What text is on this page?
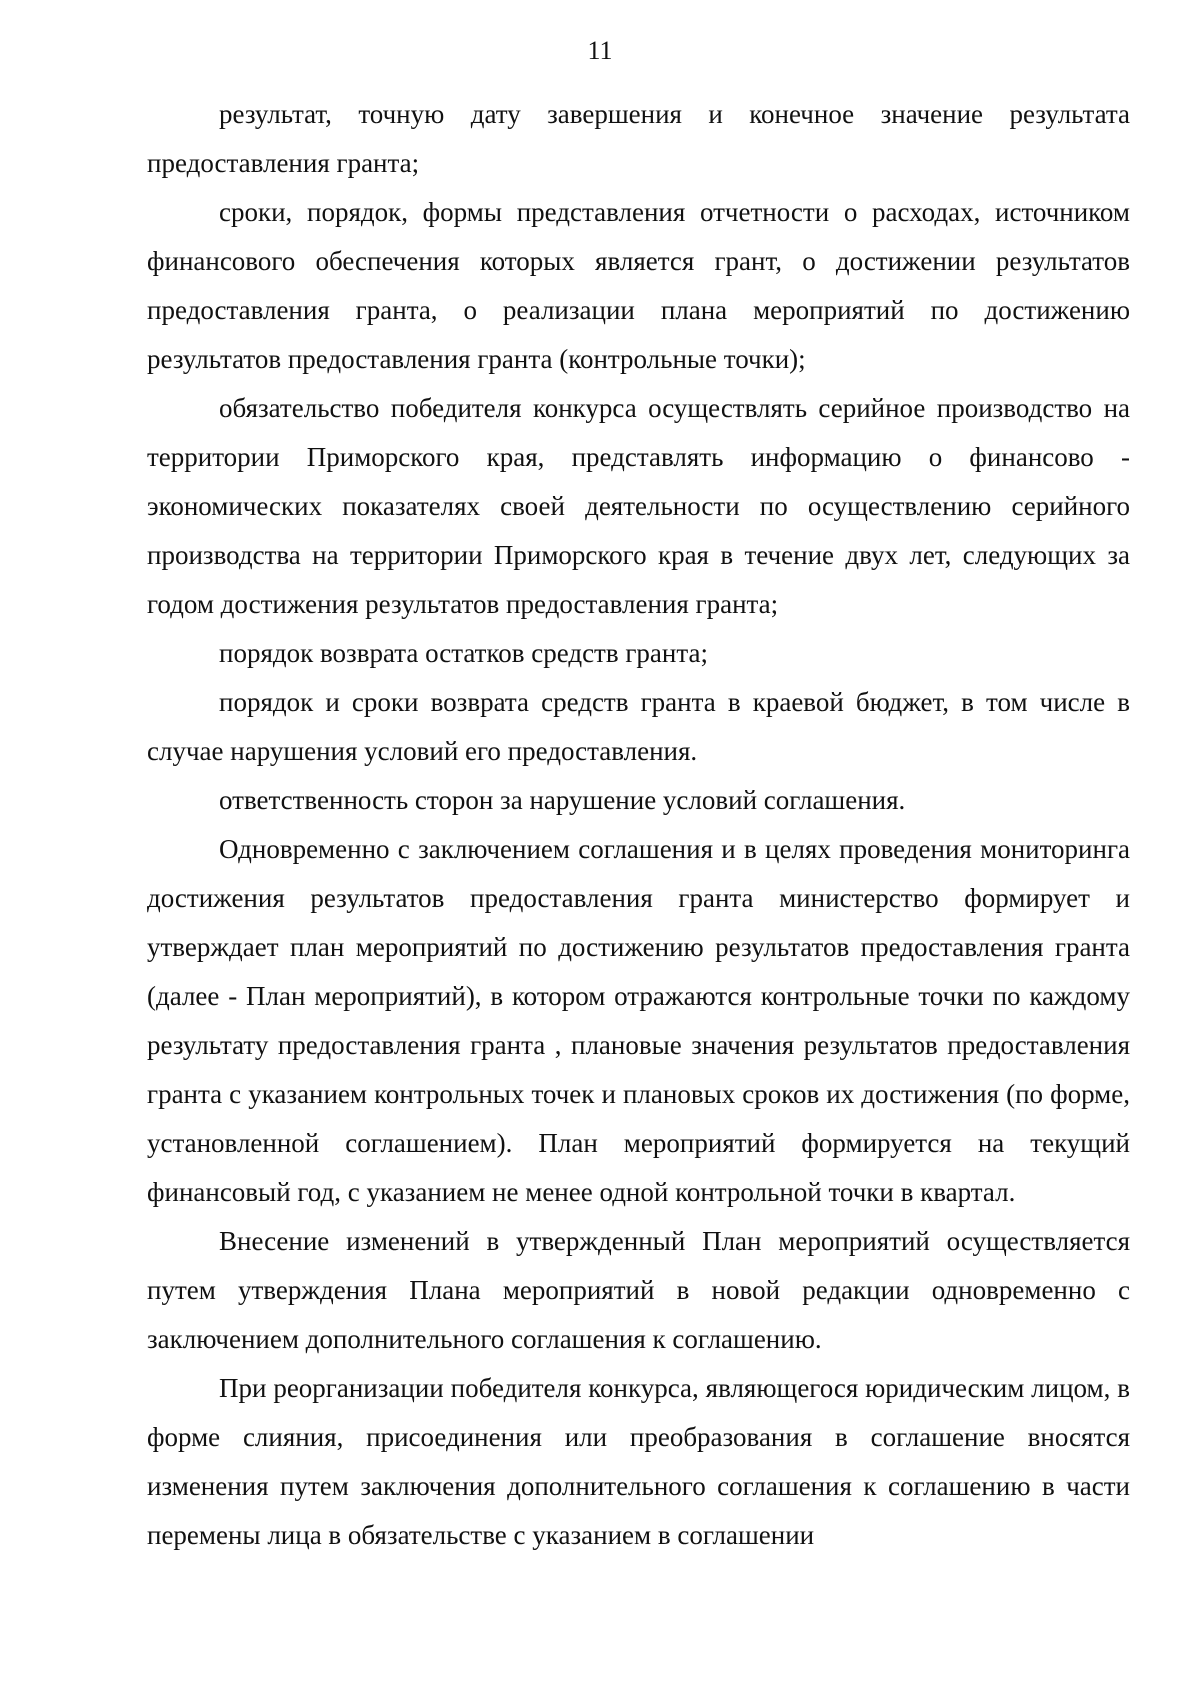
11

результат, точную дату завершения и конечное значение результата предоставления гранта;

сроки, порядок, формы представления отчетности о расходах, источником финансового обеспечения которых является грант, о достижении результатов предоставления гранта, о реализации плана мероприятий по достижению результатов предоставления гранта (контрольные точки);

обязательство победителя конкурса осуществлять серийное производство на территории Приморского края, представлять информацию о финансово - экономических показателях своей деятельности по осуществлению серийного производства на территории Приморского края в течение двух лет, следующих за годом достижения результатов предоставления гранта;

порядок возврата остатков средств гранта;

порядок и сроки возврата средств гранта в краевой бюджет, в том числе в случае нарушения условий его предоставления.

ответственность сторон за нарушение условий соглашения.

Одновременно с заключением соглашения и в целях проведения мониторинга достижения результатов предоставления гранта министерство формирует и утверждает план мероприятий по достижению результатов предоставления гранта (далее - План мероприятий), в котором отражаются контрольные точки по каждому результату предоставления гранта , плановые значения результатов предоставления гранта с указанием контрольных точек и плановых сроков их достижения (по форме, установленной соглашением). План мероприятий формируется на текущий финансовый год, с указанием не менее одной контрольной точки в квартал.

Внесение изменений в утвержденный План мероприятий осуществляется путем утверждения Плана мероприятий в новой редакции одновременно с заключением дополнительного соглашения к соглашению.

При реорганизации победителя конкурса, являющегося юридическим лицом, в форме слияния, присоединения или преобразования в соглашение вносятся изменения путем заключения дополнительного соглашения к соглашению в части перемены лица в обязательстве с указанием в соглашении
